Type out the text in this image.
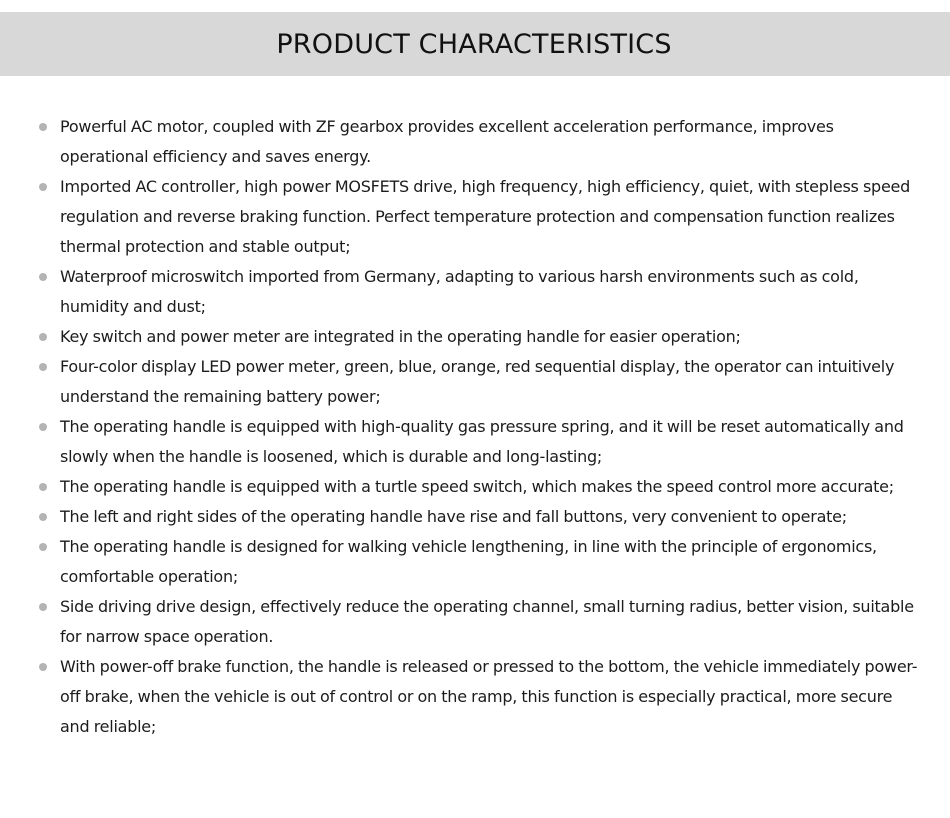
PRODUCT CHARACTERISTICS
Powerful AC motor, coupled with ZF gearbox provides excellent acceleration performance, improves operational efficiency and saves energy.
Imported AC controller, high power MOSFETS drive, high frequency, high efficiency, quiet, with stepless speed regulation and reverse braking function. Perfect temperature protection and compensation function realizes thermal protection and stable output;
Waterproof microswitch imported from Germany, adapting to various harsh environments such as cold, humidity and dust;
Key switch and power meter are integrated in the operating handle for easier operation;
Four-color display LED power meter, green, blue, orange, red sequential display, the operator can intuitively understand the remaining battery power;
The operating handle is equipped with high-quality gas pressure spring, and it will be reset automatically and slowly when the handle is loosened, which is durable and long-lasting;
The operating handle is equipped with a turtle speed switch, which makes the speed control more accurate;
The left and right sides of the operating handle have rise and fall buttons, very convenient to operate;
The operating handle is designed for walking vehicle lengthening, in line with the principle of ergonomics, comfortable operation;
Side driving drive design, effectively reduce the operating channel, small turning radius, better vision, suitable for narrow space operation.
With power-off brake function, the handle is released or pressed to the bottom, the vehicle immediately power-off brake, when the vehicle is out of control or on the ramp, this function is especially practical, more secure and reliable;
